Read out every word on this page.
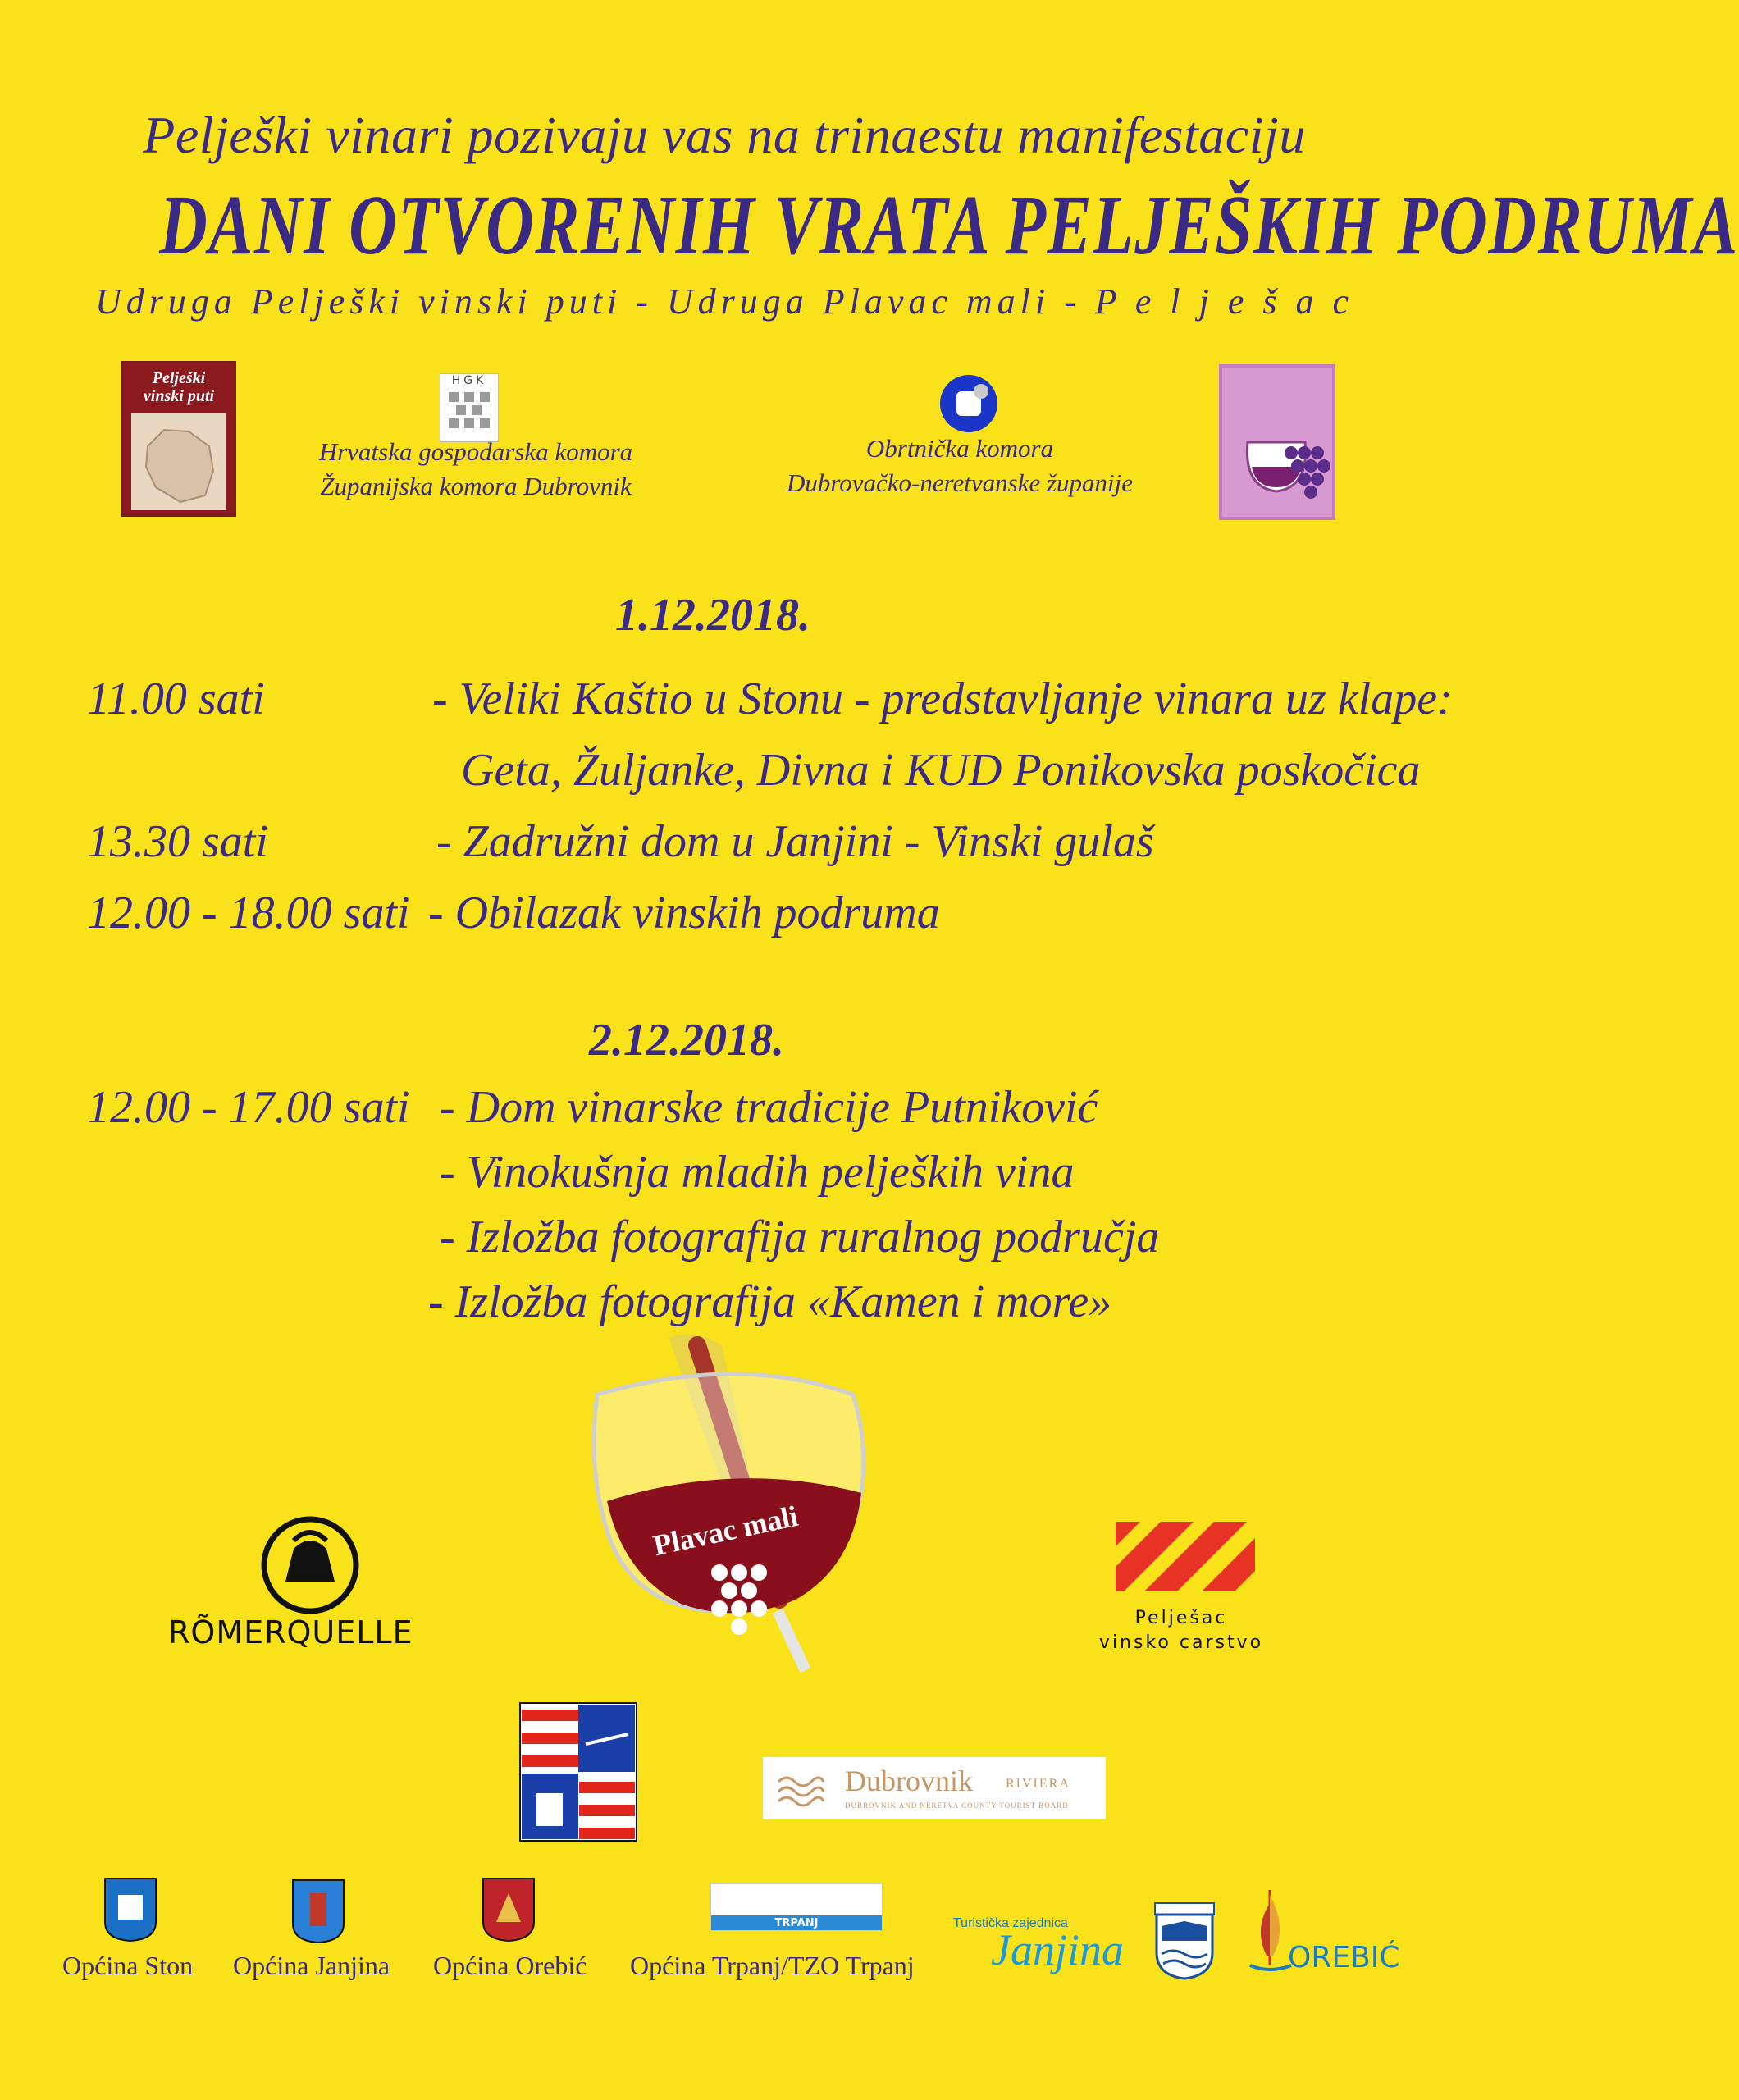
Pelješki vinari pozivaju vas na trinaestu manifestaciju
DANI OTVORENIH VRATA PELJEŠKIH PODRUMA
Udruga Pelješki vinski puti - Udruga Plavac mali - P e l j e š a c
Pelješki vinski puti
HGK
Hrvatska gospodarska komora
Županijska komora Dubrovnik
Obrtnička komora
Dubrovačko-neretvanske županije
1.12.2018.
11.00 sati	- Veliki Kaštio u Stonu - predstavljanje vinara uz klape:
Geta, Žuljanke, Divna i KUD Ponikovska poskočica
13.30 sati	- Zadružni dom u Janjini - Vinski gulaš
12.00 - 18.00 sati - Obilazak vinskih podruma
2.12.2018.
12.00 - 17.00 sati - Dom vinarske tradicije Putniković
- Vinokušnja mladih peljeških vina
- Izložba fotografija ruralnog područja
- Izložba fotografija «Kamen i more»
Plavac mali
RÕMERQUELLE	Pelješac
vinsko carstvo
Dubrovnik	RIVIERA
DUBROVNIK AND NERETVA COUNTY TOURIST BOARD
TRPANJ
Općina Ston Općina Janjina Općina Orebić Općina Trpanj/TZO Trpanj
Turistička zajednica
Janjina	OREBIĆ
